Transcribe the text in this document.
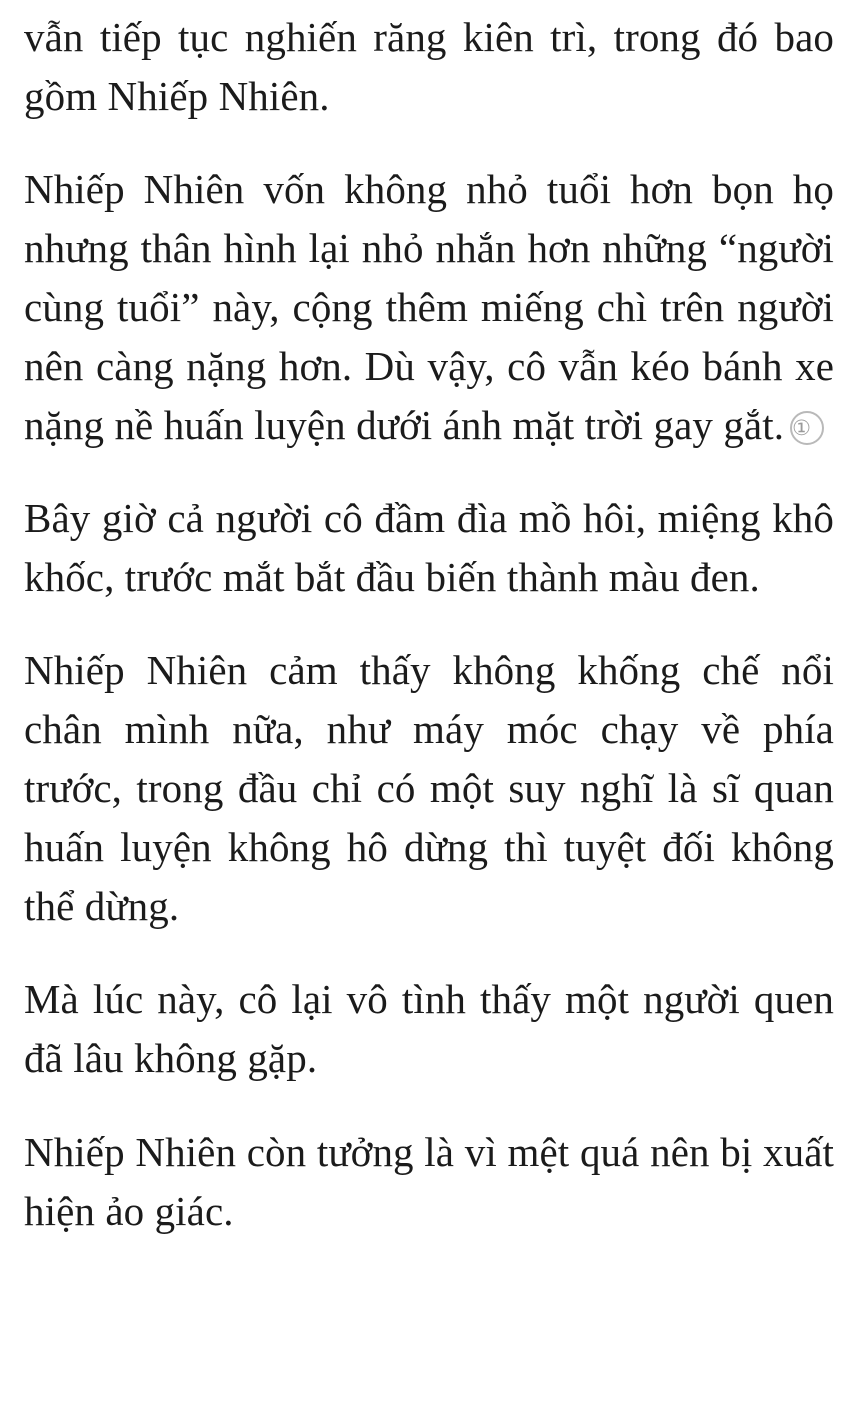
vẫn tiếp tục nghiến răng kiên trì, trong đó bao gồm Nhiếp Nhiên.

Nhiếp Nhiên vốn không nhỏ tuổi hơn bọn họ nhưng thân hình lại nhỏ nhắn hơn những “người cùng tuổi” này, cộng thêm miếng chì trên người nên càng nặng hơn. Dù vậy, cô vẫn kéo bánh xe nặng nề huấn luyện dưới ánh mặt trời gay gắt. ①

Bây giờ cả người cô đầm đìa mồ hôi, miệng khô khốc, trước mắt bắt đầu biến thành màu đen.

Nhiếp Nhiên cảm thấy không khống chế nổi chân mình nữa, như máy móc chạy về phía trước, trong đầu chỉ có một suy nghĩ là sĩ quan huấn luyện không hô dừng thì tuyệt đối không thể dừng.

Mà lúc này, cô lại vô tình thấy một người quen đã lâu không gặp.

Nhiếp Nhiên còn tưởng là vì mệt quá nên bị xuất hiện ảo giác.
